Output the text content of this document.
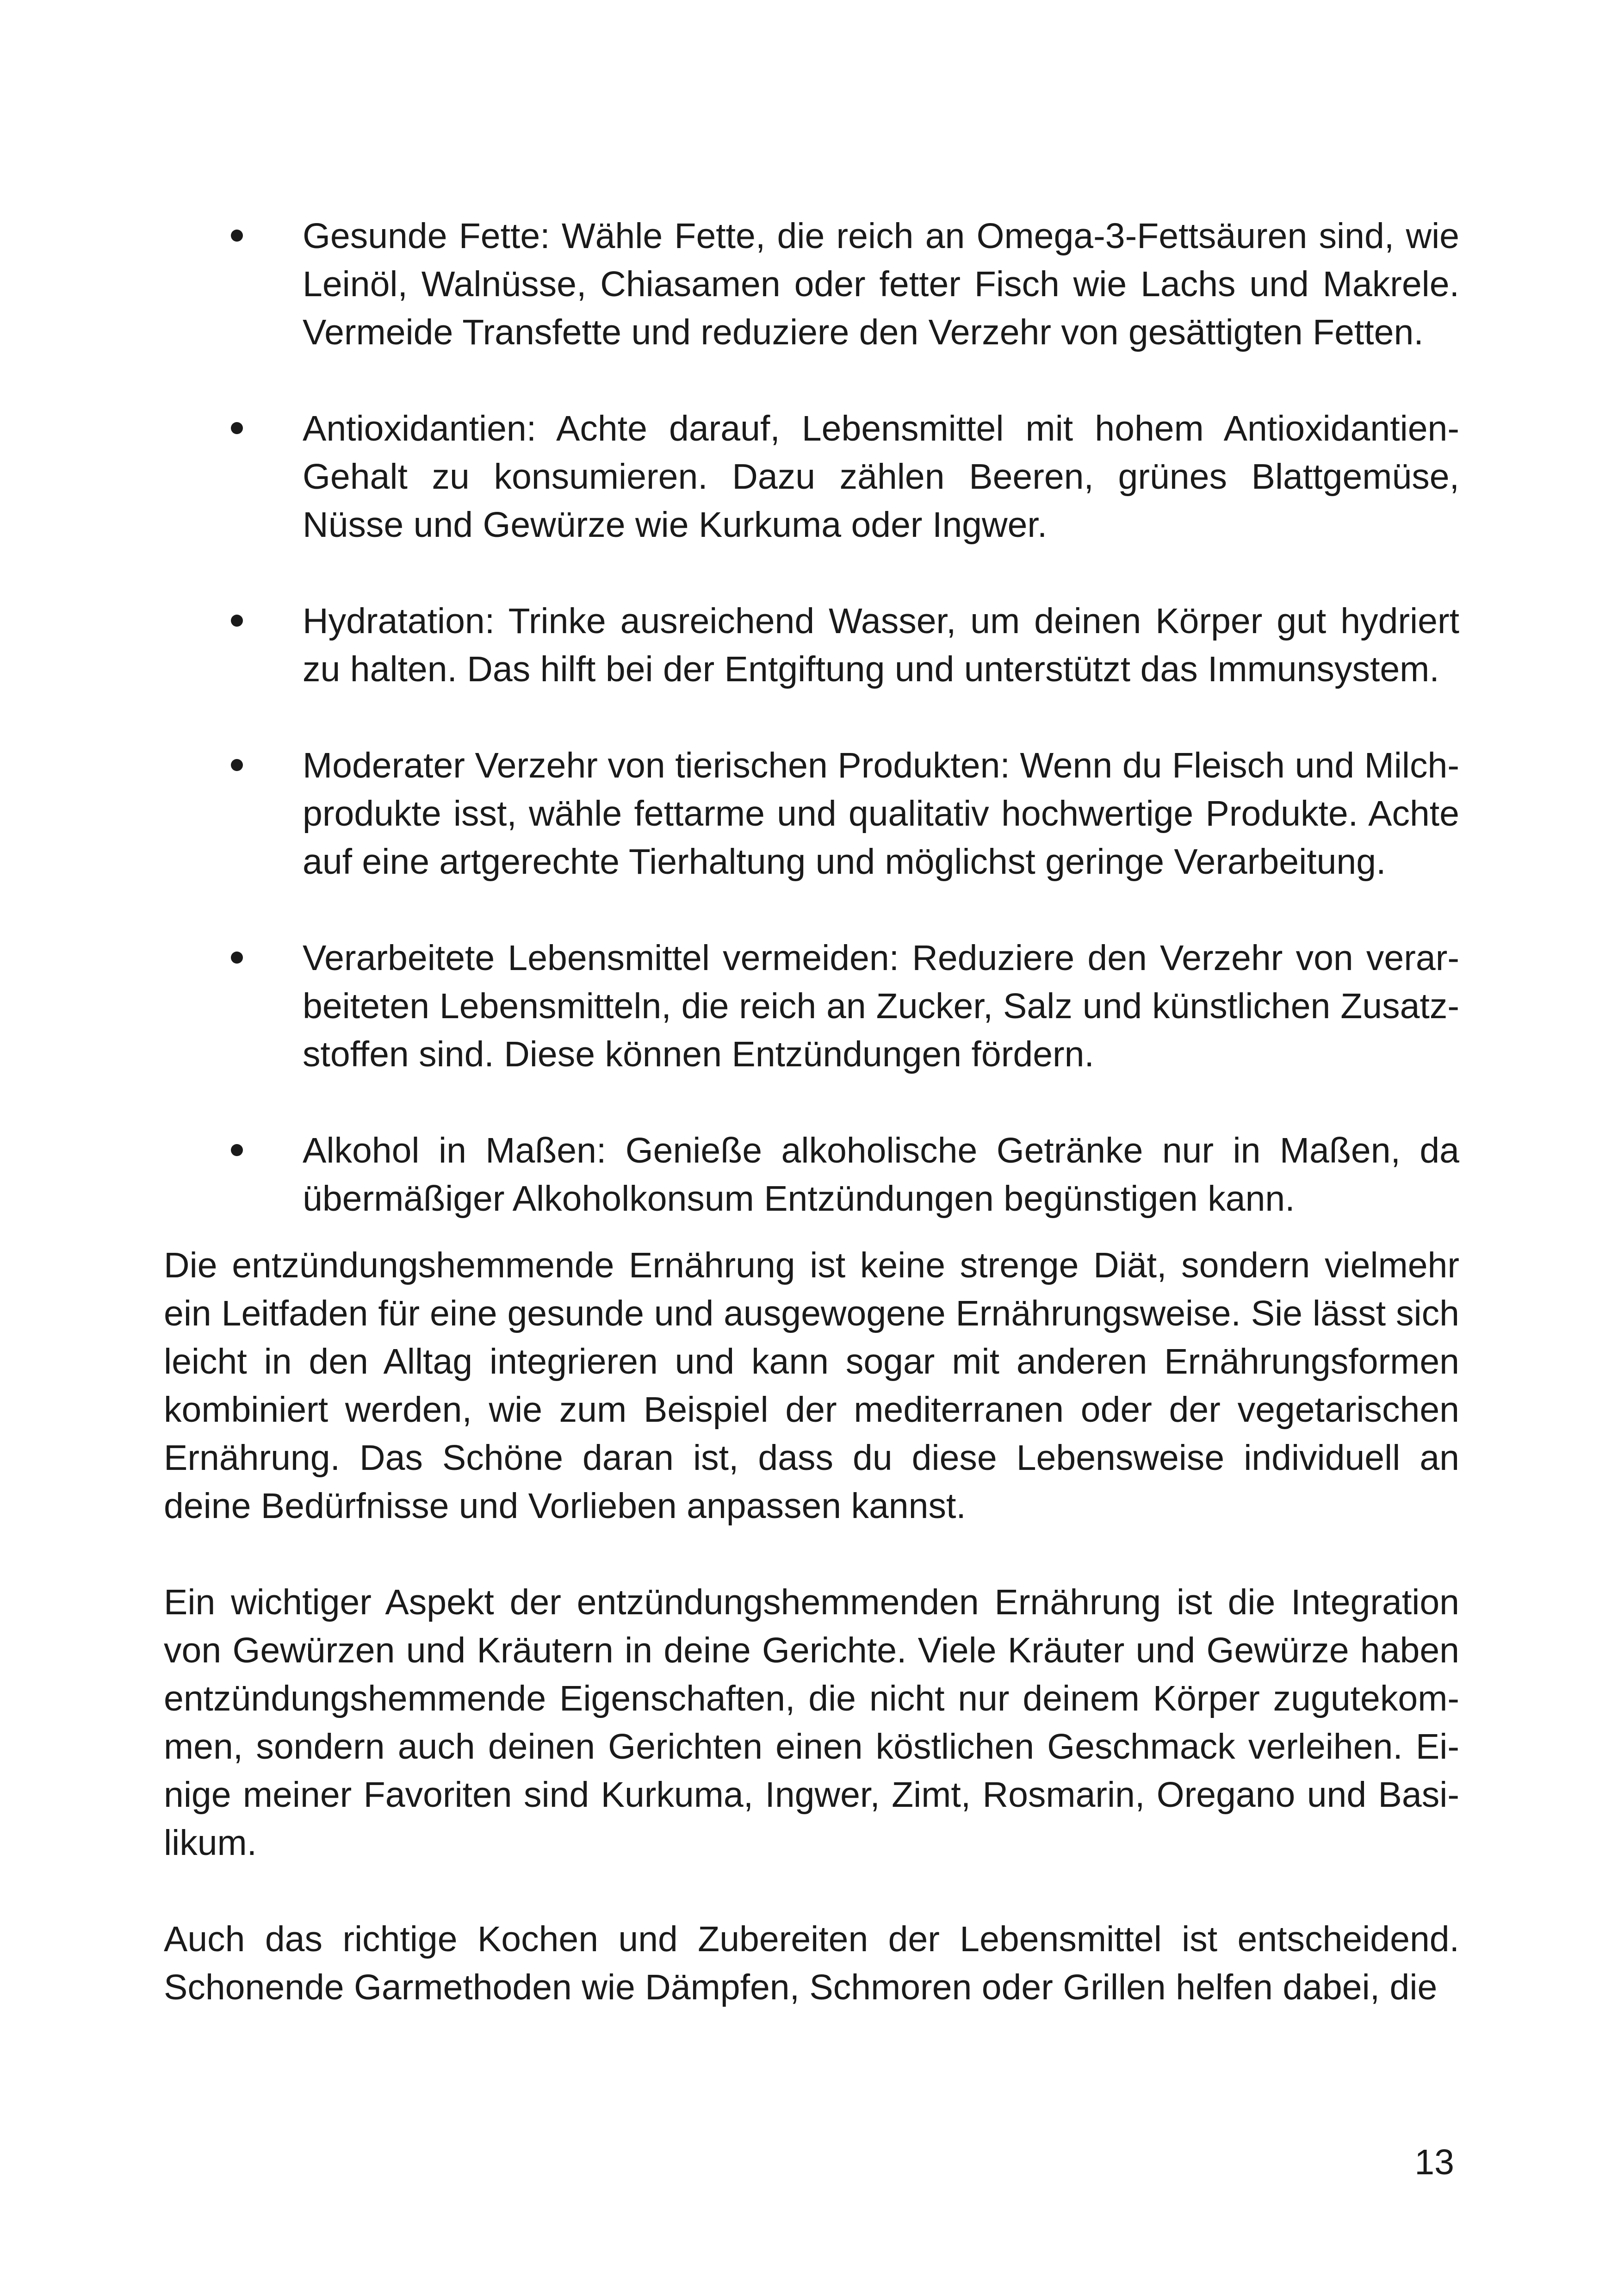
Gesunde Fette: Wähle Fette, die reich an Omega-3-Fettsäuren sind, wie Leinöl, Walnüsse, Chiasamen oder fetter Fisch wie Lachs und Makrele. Vermeide Transfette und reduziere den Verzehr von gesättigten Fetten.
Antioxidantien: Achte darauf, Lebensmittel mit hohem Antioxidantien-Gehalt zu konsumieren. Dazu zählen Beeren, grünes Blattgemüse, Nüsse und Gewürze wie Kurkuma oder Ingwer.
Hydratation: Trinke ausreichend Wasser, um deinen Körper gut hydriert zu halten. Das hilft bei der Entgiftung und unterstützt das Immunsystem.
Moderater Verzehr von tierischen Produkten: Wenn du Fleisch und Milchprodukte isst, wähle fettarme und qualitativ hochwertige Produkte. Achte auf eine artgerechte Tierhaltung und möglichst geringe Verarbeitung.
Verarbeitete Lebensmittel vermeiden: Reduziere den Verzehr von verarbeiteten Lebensmitteln, die reich an Zucker, Salz und künstlichen Zusatzstoffen sind. Diese können Entzündungen fördern.
Alkohol in Maßen: Genieße alkoholische Getränke nur in Maßen, da übermäßiger Alkoholkonsum Entzündungen begünstigen kann.

Die entzündungshemmende Ernährung ist keine strenge Diät, sondern vielmehr ein Leitfaden für eine gesunde und ausgewogene Ernährungsweise. Sie lässt sich leicht in den Alltag integrieren und kann sogar mit anderen Ernährungsformen kombiniert werden, wie zum Beispiel der mediterranen oder der vegetarischen Ernährung. Das Schöne daran ist, dass du diese Lebensweise individuell an deine Bedürfnisse und Vorlieben anpassen kannst.

Ein wichtiger Aspekt der entzündungshemmenden Ernährung ist die Integration von Gewürzen und Kräutern in deine Gerichte. Viele Kräuter und Gewürze haben entzündungshemmende Eigenschaften, die nicht nur deinem Körper zugutekommen, sondern auch deinen Gerichten einen köstlichen Geschmack verleihen. Einige meiner Favoriten sind Kurkuma, Ingwer, Zimt, Rosmarin, Oregano und Basilikum.

Auch das richtige Kochen und Zubereiten der Lebensmittel ist entscheidend. Schonende Garmethoden wie Dämpfen, Schmoren oder Grillen helfen dabei, die

13
